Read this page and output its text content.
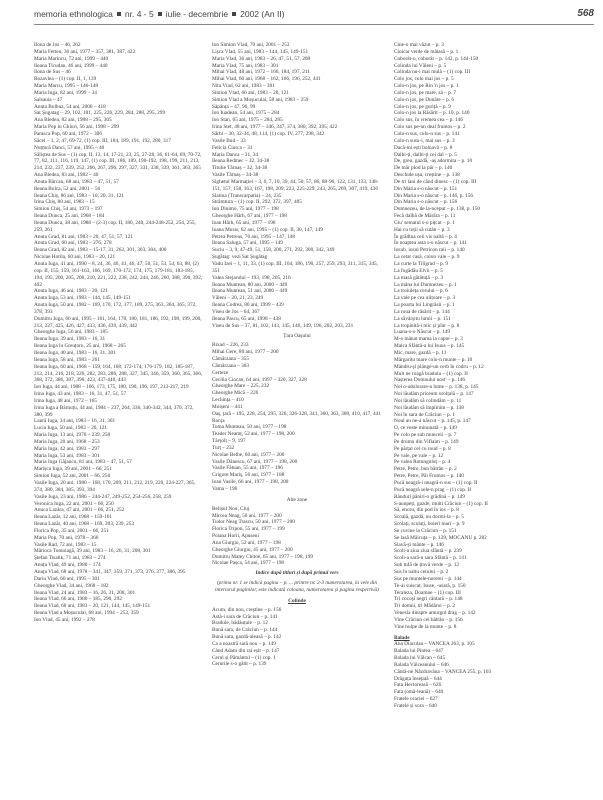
memoria ethnologica nr. 4 - 5 iulie - decembrie 2002 (An II)	568
Ilona de Jos – 46, 262
Maria Fetteu, 36 ani, 1977 – 357, 381, 387, 422
Maria Marincu, 72 ani, 1999 – 440
Ileana Ticudan, 46 ani, 1999 – 440
Ilona de Sus – 46
Rozavlea – (1) cop. II, 1, 139
Maria Marcu, 1995 – 146-148
Maria Iuga, 82 ani, 1999 – 34
Salsauia – 47
Anuta Bolbuz, 54 ani, 2000 – 418
Sat Șugatag – 29, 102, 181, 225, 226, 229, 284, 288, 295, 299
Ana Bledea, 82 ani, 1988 – 295, 305
Maria Pop lu Ghiuri, 56 ani, 1998 – 299
Parasca Pop, 60 ani, 1972 – 306
Săcel – 1, 2, 47, 69-72, (1) cop. III, 184, 189, 191, 192, 280, 317
Nuțmcă Danci, 57 ani, 1995 – 40
Săliștea de Sus – (1) cop. II, 13, 14, 17-21, 23, 25, 27-28, 36, 61-64, 69, 70-72, 77, 82, 111, 116, 119, 147, (1) cop. III, 186, 189, 190-192, 198, 199, 211, 213, 214, 232, 237, 239, 252, 266, 267, 296, 297, 327, 331, 338, 339, 361, 363, 365
Ana Bledea, 83 ani, 1982 – 40
Anuta Bârcan, 68 ani, 1983 – 47, 51, 57
Ileana Bolca, 52 ani, 2001 – 56
Ileana Chiș, 86 ani, 1983 – 10, 20, 31, 121
Irina Chiș, 80 ani, 1983 – 15
Simion Chiș, 54 ani, 1973 – 197
Ileana Dunca, 25 ani, 1968 – 184
Ileana Dunca, 38 ani, 1988 – (2-3) cop. II, 180, 240, 244-248-252, 254, 255, 259, 261
Anuta Grad, 81 ani, 1983 – 20, 47, 51, 57, 121
Anuta Grad, 60 ani, 1983 – 276, 278
Ileana Grad, 82 ani, 1983 – 15-17, 31, 262, 301, 303, 304, 400
Nicolae Hotila, 60 ani, 1983 – 20, 121
Anuta Iuga, 41 ani, 1990 – 8, 24, 36, 40, 41, 46, 47, 50, 51, 53, 54, 63, 88, (2) cop. II, 155, 159, 161-163, 166, 169, 170-172, 174, 175, 179-181, 183-185, 194, 195, 200, 205, 206, 210, 221, 222, 238, 242, 244, 246, 260, 388, 390, 392, 402
Anuta Iuga, 46 ani, 1983 – 20, 121
Anuta Iuga, 53 ani, 1983 – 144, 145, 149-151
Anuta Iuga, 50 ani, 1982 – 169, 170, 172, 177, 189, 275, 363, 364, 365, 372, 378, 393
Dumitru Iuga, 66 ani, 1995 – 161, 164, 178, 180, 181, 186, 192, 198, 199, 200, 213, 227, 425, 426, 427, 433, 436, 439, 439, 442
Gheorghe Iuga, 56 ani, 1983 – 185
Ileana Iuga, 39 ani, 1983 – 16, 31
Ileana Iuga lu Greuțoru, 25 ani, 1968 – 265
Ileana Iuga, 40 ani, 1983 – 16, 31, 301
Ileana Iuga, 58 ani, 1983 – 261
Ileana Iuga, 60 ani, 1968 – 159, 164, 168, 172-174, 176-179, 182, 185-187, 213, 214, 216, 218, 226, 282, 283, 286, 288, 327, 345, 346, 359, 360, 365, 366, 368, 372, 386, 387, 396, 423, 437-440, 443
Ion Iuga, 44 ani, 1988 – 166, 173, 175, 180, 190, 196, 197, 213-217, 219
Irina Iuga, 43 ani, 1983 – 16, 31, 47, 51, 57
Irina Iuga, 48 ani, 1972 – 165
Irina Iuga a Bârnuțu, 44 ani, 1984 – 237, 264, 336, 340-342, 344, 370, 372, 380, 399
Laură Iuga, 34 ani, 1983 – 16, 31, 301
Lucia Iuga, 50 ani, 1983 – 20, 121
Maria Iuga, 13 ani, 1970 – 239, 258
Maria Iuga, 20 ani, 1968 – 253
Maria Iuga, 42 ani, 1983 – 297
Maria Iuga, 53 ani, 1983 – 301
Maria Iuga Găjancu, 81 ani, 1983 – 47, 51, 57
Marișca Iuga, 39 ani, 2001 – 66, 251
Simion Iuga, 52 ani, 2001 – 66, 250
Vasile Iuga, 20 ani, 1980 – 168, 170, 209, 211, 212, 219, 220, 224-227, 365, 374, 380, 384, 385, 393, 394
Vasile Iuga, 23 ani, 1986 – 244-247, 249-252, 254-256, 258, 259
Veronica Iuga, 22 ani, 2001 – 66, 250
Anuca Lazăra, 47 ani, 2001 – 66, 251, 252
Ileana Lazăr, 12 ani, 1968 – 159-161
Ileana Lazăr, 40 ani, 1968 – 169, 203, 239, 253
Florica Pop, 35 ani, 2001 – 66, 251
Maria Pop, 70 ani, 1978 – 366
Vasile Rad, 72 ani, 1983 – 15
Mărioca Tomoiagă, 39 ani, 1983 – 16, 26, 31, 208, 301
Ștefan Tisalik, 71 ani, 1983 – 274
Anuța Vlad, 49 ani, 1980 – 174
Anuța Vlad, 68 ani, 1978 – 341, 347, 359, 371, 373, 376, 377, 386, 395
Dariu Vlad, 60 ani, 1995 – 301
Gheorghe Vlad, 34 ani, 1968 – 182
Ileana Vlad, 24 ani, 1983 – 16, 26, 31, 208, 301
Ileana Vlad, 66 ani, 1980 – 185, 290, 292
Ileana Vlad, 60 ani, 1983 – 20, 121, 144, 145, 149-151
Ileana Vlad a Moșuculai, 68 ani, 1994 – 253, 359
Ion Vlad, 45 ani, 1992 – 278
Ion Simion Vlad, 70 ani, 2001 – 253
Lișca Vlad, 55 ani, 1983 – 144, 145, 149-151
Maria Vlad, 36 ani, 1983 – 26, 47, 51, 57, 208
Maria Vlad, 75 ani, 1983 – 301
Mihai Vlad, 48 ani, 1972 – 166, 184, 197, 211
Mihai Vlad, 60 ani, 1968 – 162, 166, 196, 252, 441
Nita Vlad, 62 ani, 1983 – 301
Simion Vlad, 66 ani, 1983 – 20, 121
Simion Vlad a Moșuculai, 58 ani, 1983 – 259
Săpânța – 47, 96, 99
Ion Iuadean, 54 ani, 1975 – 284
Ion Stan, 65 ani, 1975 – 284, 285
Irina Stet, 48 ani, 1977 – 346, 347, 374, 380, 392, 395, 422
Sârbi – 30, 32-34, 48, 114, (1) cop. IV, 277, 298, 342
Vasile Bud – 33
Felicia Ciurca – 31
Maria Danca – 31, 34
Ileana Redmec – 32, 34-38
Titulie Târnaș – 32, 34-38
Vasile Târnaș – 34-38
Sighetul Marmației – 3, 6, 7, 10, 39, 44, 50, 57, 86, 88-90, 122, 131, 133, 148-151, 157, 158, 163, 167, 198, 209, 223, 225-229, 243, 265, 269, 307, 419, 436
Slatina (Transcarpatia) – 24, 235
Strâmtura – (1) cop. II, 292, 372, 397, 405
Ion Dinimo, 75 ani, 1977 – 198
Gheorghe Hărh, 67 ani, 1977 – 198
Ioan Hărh, 65 ani, 1977 – 198
Ioana Morar, 62 ani, 1995 – (1) cop. II, 30, 147, 149
Petrea Petreus, 70 ani, 1995 – 147, 148
Ileana Saluga, 57 ani, 1995 – 149
Suciu – 3, 9, 47-49, 51, 158, 200, 271, 292, 300, 342, 349
Șugătag: vezi Sat Șugătag
Vadu Izei – 1, 11, 33, (1) cop. III, 164, 186, 190, 257, 259, 293, 311, 315, 345, 351
Valea Stejarului – 193, 198, 205, 216
Ileana Muntean, 80 ani, 2000 – 449
Ileana Muntean, 51 ani, 2000 – 449
Văleni – 20, 21, 23, 249
Ileana Codrea, 80 ani, 1999 – 439
Viseu de Jos – 64, 367
Ileana Pascu, 65 ani, 1998 – 438
Viseu de Sus – 37, 81, 102, 143, 145, 146, 149, 196, 202, 203, 231
Țara Oașului
Bixad – 226, 233
Mihai Gere, 80 ani, 1977 – 200
Cămârzana – 355
Cămârzana – 303
Certeze
Cecilia Ciocan, 64 ani, 1997 – 320, 327, 328
Gheorghe Mare – 225, 232
Gheorghe Mică – 226
Lechința – 410
Moișeni – 441
Oaș, țară – 195, 228, 254, 295, 326, 326-328, 341, 360, 363, 380, 410, 417, 441
Racșa
Toma Munteau, 50 ani, 1977 – 198
Teader Neamț, 52 ani, 1977 – 198, 200
Tărșolț – 9, 197
Turț – 232
Nicolae Belbe, 60 ani, 1977 – 200
Vasile Dănescu, 67 ani, 1977 – 198, 200
Vasile Fătuan, 55 ani, 1977 – 196
Grigore Mariș, 56 ani, 1977 – 188
Ioan Vasile, 66 ani, 1977 – 198, 200
Vama – 196
Alte zone
Belișul Nou, Cluj
Mircea Neag, 50 ani, 1977 – 200
Tudor Neag Trascu, 50 ani, 1977 – 200
Florica Tripon, 55 ani, 1977 – 199
Poiana Horii, Apuseni
Ana Giurgiu, 52 ani, 1977 – 198
Gheorghe Giurgiu, 45 ani, 1977 – 200
Dumitru Matey Chitoe, 65 ani, 1977 – 198, 199
Nicolae Pașca, 54 ani, 1977 – 198
Indice după titluri și după primul vers
(prima nr. 1 se indică pagina – p. ... printre nr. 2-3 numerotarea, la vele din interiorul paginilor, este indicată coloana, numerotarea și pagina respectivă)
Colinde
Acum, din nou, creștine – p. 156
Astă-i sara de Crăciun – p. 141
Bradule, bădăuțule – p. 12
Bună sara, de Crăciun – p. 144
Bună sara, gazdă-aleasă – p. 142
Ca a noastră sară nou – p. 149
Când Adam din rai eșit – p. 147
Cerul și Pământul – (1) cop. 1
Cerurile s-o gătit – p. 139
Cine-o mai văzut – p. 3
Cioicar verde de mătasă – p. 1
Coborât-o, coborât – p. 142, p. 144-150
Colinda lui Văleni – p. 5
Colinda nu-i mai mulă – (1) cop. III
Colo jos, colo mai jos – p. 5
Colo-n jos, pe Rin 'n jos – p. 1
Colo-n jos, pe mare, să – p. 7
Colo-n jos, pe Dunăre – p. 6
Colo-n jos, pe guriță – p. 9
Colo-n jos la Răsărit – p. 10, p. 140
Colo sus, în vremea cea – p. 146
Colo sus pe-un deal frumos – p. 2
Colo-n sus, colo-n sus – p. 141
Colo-n susu-i, mai sus – p. 3
Dacă-mi ești bolnavă – p. 8
Dalbi-ți, dalbi-ți cei dal – p. 5
De, greu, gazdă, -aș adormita – p. 10
De mâr plod la pâr – p. 140
Deschide ușa, creștine – p. 138
De tri lani de când dinesc – (1) cop. III
Din Maria s-o născut – p. 151
Din Maria s-o născut – p. 146, p. 156
Din Maria s-o născut – p. 156
Dumnezeu, de la-nceput – p. 138, p. 150
Fecă dalbă de Mărăra – p. 11
Giu' sematul s-o pițcat – p. 1
Hai cu toții să cutân – p. 3
În grădina ceii vis naltă – p. 4
În noaptea asta s-o născut – p. 141
Iosub, iosul Petricon raii – p. 140
La cetar casă, colon vale – p. 9
La curte la Tiligrad – p. 9
La fogădău Elvii – p. 5
La masă gătătuță – p. 3
La mâna lui Dumnezeu – p. 1
La troiuleța cerului – p. 6
La vale pe cea ulițoare – p. 3
La poarta lui Lingrăsii – p. 1
La roua de răsărit – p. 144
La săvârșitu lumii – p. 151
La tropinită-i mîc și pîur – p. 8
Luana-s-o Născut – p. 149
M-o mânat mama la capre – p. 3
Maica Sfântă-a lui Isuus – p. 145
Mic, mare, gazdă – p. 11
Mărgaritu mare colo-n munte – p. 10
Mândru-și plânge-un cerb în codru – p. 12
Mult ne roagă bradulu – (1) cop. II
Nașterea Domnului nost' – p. 146
Noi o-adolorare-n lume – p. 138, p. 145
Noi lăudăm priceum urolțală – p. 147
Noi lăudăm să colindăm – p. 11
Noi lăudăm să împlinim – p. 138
Noi în sara de Crăciun – p. 1
Noul an ne-a născut – p. 145, p. 147
O, ce veste minunată – p. 149
Pe colo pe sub munceii – p. 7
Pe drumu din Viflaim – p. 149
Pe părțal cel cu roud – p. 8
Pe vale, pe vale – p. 12
Pe valea Rotunguluț – p. 4
Petre, Petre, bun bătrân – p. 2
Petre, Petre, Păi Frumos – p. 140
Pucă neagră-i neagră-n sus – (1) cop. II
Pucă neagră sele-n prag – (1) cop. II
Rânduri pâniri-o grădină – p. 149
S-aunpeți, gazde, multi Crăciun – (1) cop. II
Să, enoru, din pod în ios – p. 8
Scoală, gazdă, nu dormi-la – p. 5
Scolați, scolați, boieri mari – p. 9
Se cuvine la Crăciun – p. 151
Se lasă Măicuța – p. 139, MOCANU p. 282
Slavă-și mânte – p. 146
Scoli-a ziua ziua sfântă – p. 239
Scoli-a sară-n sara Sfântă – p. 141
Sub tufă de ținvă verde – p. 12
Sus în naltu cerului – p. 2
Sus pe muntele-norerei – p. 144
Te-ai suiscat, Isuse, -usară, p. 150
Teraleza, Doamne – (1) cop. III
Tri cocoși negri cântară – p. 148
Tri domni, tri Mădăroi – p. 2
Venesia dinspre amurgul drag – p. 142
Vine Crăciun cel bătrân – p. 156
Vine hulpe de la munte – p. 8
Balade
Ana Diaculau – VANCEA 263, p. 105
Balada lui Pintea – 647
Balada lui Vâlcan – 645
Balada Vâlceanului – 646
Cântă-ne Nâzdravâna – VANCEA 255, p. 103
Drăguța însețată – 644
Fata Hectoreasă – 626
Fata (omă-leană) – 640
Fratele oraciei – 627
Fratele și sora – 640
